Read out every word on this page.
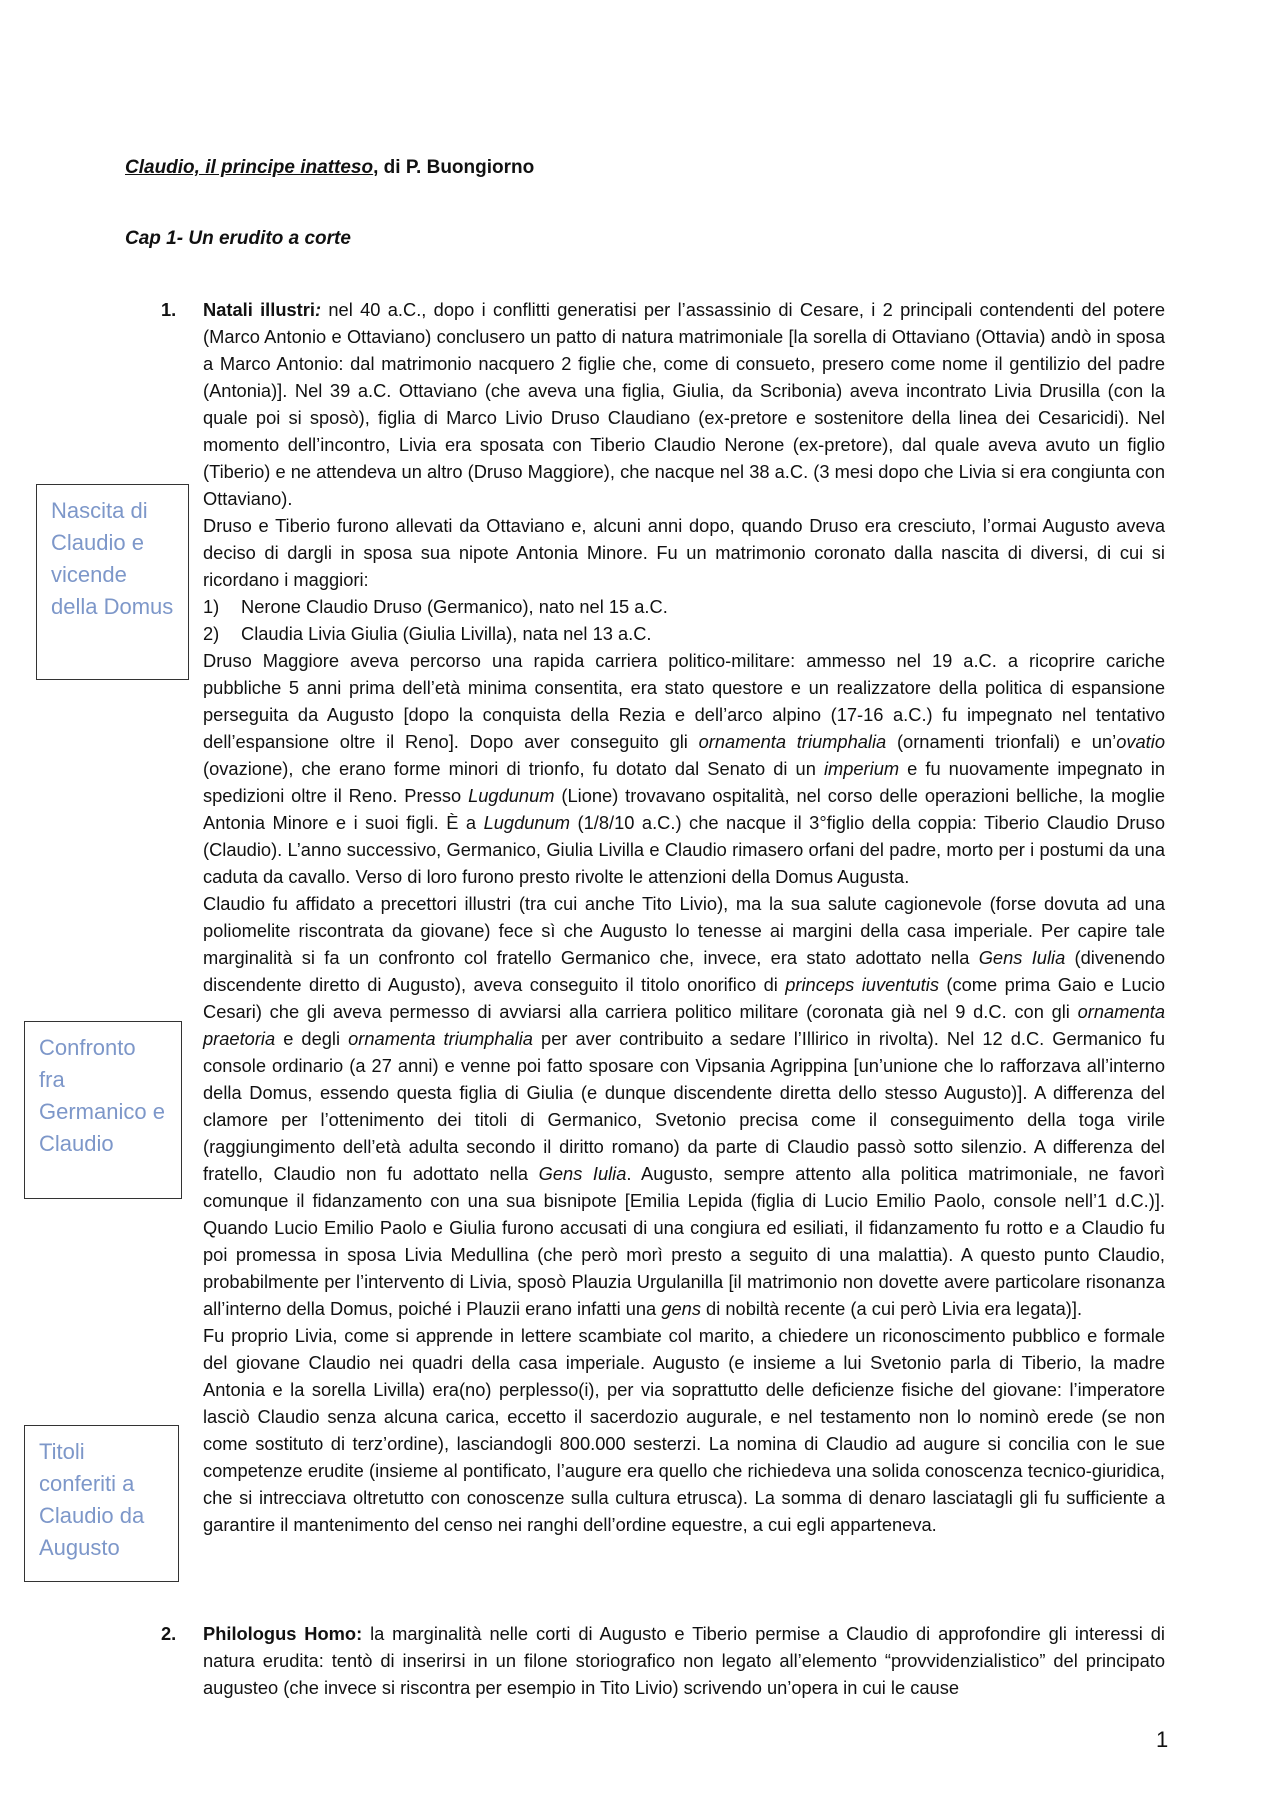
Claudio, il principe inatteso, di P. Buongiorno

Cap 1- Un erudito a corte

Nascita di Claudio e vicende della Domus
Confronto fra Germanico e Claudio
Titoli conferiti a Claudio da Augusto
1. Natali illustri: nel 40 a.C., dopo i conflitti generatisi per l’assassinio di Cesare, i 2 principali contendenti del potere (Marco Antonio e Ottaviano) conclusero un patto di natura matrimoniale [la sorella di Ottaviano (Ottavia) andò in sposa a Marco Antonio: dal matrimonio nacquero 2 figlie che, come di consueto, presero come nome il gentilizio del padre (Antonia)]. Nel 39 a.C. Ottaviano (che aveva una figlia, Giulia, da Scribonia) aveva incontrato Livia Drusilla (con la quale poi si sposò), figlia di Marco Livio Druso Claudiano (ex-pretore e sostenitore della linea dei Cesaricidi). Nel momento dell’incontro, Livia era sposata con Tiberio Claudio Nerone (ex-pretore), dal quale aveva avuto un figlio (Tiberio) e ne attendeva un altro (Druso Maggiore), che nacque nel 38 a.C. (3 mesi dopo che Livia si era congiunta con Ottaviano).

Druso e Tiberio furono allevati da Ottaviano e, alcuni anni dopo, quando Druso era cresciuto, l’ormai Augusto aveva deciso di dargli in sposa sua nipote Antonia Minore. Fu un matrimonio coronato dalla nascita di diversi, di cui si ricordano i maggiori:

1) Nerone Claudio Druso (Germanico), nato nel 15 a.C.

2) Claudia Livia Giulia (Giulia Livilla), nata nel 13 a.C.

Druso Maggiore aveva percorso una rapida carriera politico-militare: ammesso nel 19 a.C. a ricoprire cariche pubbliche 5 anni prima dell’età minima consentita, era stato questore e un realizzatore della politica di espansione perseguita da Augusto [dopo la conquista della Rezia e dell’arco alpino (17-16 a.C.) fu impegnato nel tentativo dell’espansione oltre il Reno]. Dopo aver conseguito gli ornamenta triumphalia (ornamenti trionfali) e un’ovatio (ovazione), che erano forme minori di trionfo, fu dotato dal Senato di un imperium e fu nuovamente impegnato in spedizioni oltre il Reno. Presso Lugdunum (Lione) trovavano ospitalità, nel corso delle operazioni belliche, la moglie Antonia Minore e i suoi figli. È a Lugdunum (1/8/10 a.C.) che nacque il 3°figlio della coppia: Tiberio Claudio Druso (Claudio). L’anno successivo, Germanico, Giulia Livilla e Claudio rimasero orfani del padre, morto per i postumi da una caduta da cavallo. Verso di loro furono presto rivolte le attenzioni della Domus Augusta.

Claudio fu affidato a precettori illustri (tra cui anche Tito Livio), ma la sua salute cagionevole (forse dovuta ad una poliomelite riscontrata da giovane) fece sì che Augusto lo tenesse ai margini della casa imperiale. Per capire tale marginalità si fa un confronto col fratello Germanico che, invece, era stato adottato nella Gens Iulia (divenendo discendente diretto di Augusto), aveva conseguito il titolo onorifico di princeps iuventutis (come prima Gaio e Lucio Cesari) che gli aveva permesso di avviarsi alla carriera politico militare (coronata già nel 9 d.C. con gli ornamenta praetoria e degli ornamenta triumphalia per aver contribuito a sedare l’Illirico in rivolta). Nel 12 d.C. Germanico fu console ordinario (a 27 anni) e venne poi fatto sposare con Vipsania Agrippina [un’unione che lo rafforzava all’interno della Domus, essendo questa figlia di Giulia (e dunque discendente diretta dello stesso Augusto)]. A differenza del clamore per l’ottenimento dei titoli di Germanico, Svetonio precisa come il conseguimento della toga virile (raggiungimento dell’età adulta secondo il diritto romano) da parte di Claudio passò sotto silenzio. A differenza del fratello, Claudio non fu adottato nella Gens Iulia. Augusto, sempre attento alla politica matrimoniale, ne favorì comunque il fidanzamento con una sua bisnipote [Emilia Lepida (figlia di Lucio Emilio Paolo, console nell’1 d.C.)]. Quando Lucio Emilio Paolo e Giulia furono accusati di una congiura ed esiliati, il fidanzamento fu rotto e a Claudio fu poi promessa in sposa Livia Medullina (che però morì presto a seguito di una malattia). A questo punto Claudio, probabilmente per l’intervento di Livia, sposò Plauzia Urgulanilla [il matrimonio non dovette avere particolare risonanza all’interno della Domus, poiché i Plauzii erano infatti una gens di nobiltà recente (a cui però Livia era legata)].

Fu proprio Livia, come si apprende in lettere scambiate col marito, a chiedere un riconoscimento pubblico e formale del giovane Claudio nei quadri della casa imperiale. Augusto (e insieme a lui Svetonio parla di Tiberio, la madre Antonia e la sorella Livilla) era(no) perplesso(i), per via soprattutto delle deficienze fisiche del giovane: l’imperatore lasciò Claudio senza alcuna carica, eccetto il sacerdozio augurale, e nel testamento non lo nominò erede (se non come sostituto di terz’ordine), lasciandogli 800.000 sesterzi. La nomina di Claudio ad augure si concilia con le sue competenze erudite (insieme al pontificato, l’augure era quello che richiedeva una solida conoscenza tecnico-giuridica, che si intrecciava oltretutto con conoscenze sulla cultura etrusca). La somma di denaro lasciatagli gli fu sufficiente a garantire il mantenimento del censo nei ranghi dell’ordine equestre, a cui egli apparteneva.

2. Philologus Homo: la marginalità nelle corti di Augusto e Tiberio permise a Claudio di approfondire gli interessi di natura erudita: tentò di inserirsi in un filone storiografico non legato all’elemento “provvidenzialistico” del principato augusteo (che invece si riscontra per esempio in Tito Livio) scrivendo un’opera in cui le cause

1
